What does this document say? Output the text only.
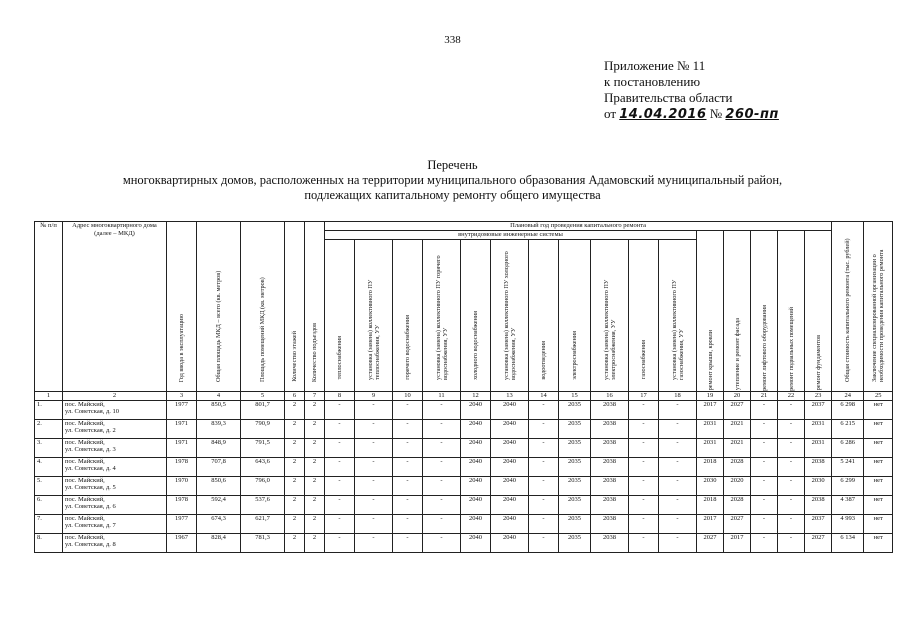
338
Приложение № 11
к постановлению
Правительства области
от 14.04.2016 № 260-пп
Перечень
многоквартирных домов, расположенных на территории муниципального образования Адамовский муниципальный район,
подлежащих капитальному ремонту общего имущества
№ п/п	Адрес многоквартирного дома (далее – МКД)	Год ввода в эксплуатацию	Общая площадь МКД – всего (кв. метров)	Площадь помещений МКД (кв. метров)	Количество этажей	Количество подъездов	Плановый год проведения капитального ремонта																Общая стоимость капитального ремонта (тыс. рублей)	Заключение специализированной организации о необходимости проведения капитального ремонта

							внутридомовые инженерные системы											ремонт крыши, кровли	утепление и ремонт фасада	ремонт лифтового оборудования	ремонт подвальных помещений	ремонт фундаментов		

							теплоснабжения	установка (замена) коллективного ПУ теплоснабжения, УУ	горячего водоснабжения	установка (замена) коллективного ПУ горячего водоснабжения, УУ	холодного водоснабжения	установка (замена) коллективного ПУ холодного водоснабжения, УУ	водоотведения	электроснабжения	установка (замена) коллективного ПУ электроснабжения, УУ	газоснабжения	установка (замена) коллективного ПУ газоснабжения, УУ							

1	2	3	4	5	6	7	8	9	10	11	12	13	14	15	16	17	18	19	20	21	22	23	24	25
1.	пос. Майский,
ул. Советская, д. 10	1977	850,5	801,7	2	2	-	-	-	-	2040	2040	-	2035	2038	-	-	2017	2027	-	-	2037	6 298	нет
2.	пос. Майский,
ул. Советская, д. 2	1971	839,3	790,9	2	2	-	-	-	-	2040	2040	-	2035	2038	-	-	2031	2021	-	-	2031	6 215	нет
3.	пос. Майский,
ул. Советская, д. 3	1971	848,9	791,5	2	2	-	-	-	-	2040	2040	-	2035	2038	-	-	2031	2021	-	-	2031	6 286	нет
4.	пос. Майский,
ул. Советская, д. 4	1978	707,8	643,6	2	2	-	-	-	-	2040	2040	-	2035	2038	-	-	2018	2028	-	-	2038	5 241	нет
5.	пос. Майский,
ул. Советская, д. 5	1970	850,6	796,0	2	2	-	-	-	-	2040	2040	-	2035	2038	-	-	2030	2020	-	-	2030	6 299	нет
6.	пос. Майский,
ул. Советская, д. 6	1978	592,4	537,6	2	2	-	-	-	-	2040	2040	-	2035	2038	-	-	2018	2028	-	-	2038	4 387	нет
7.	пос. Майский,
ул. Советская, д. 7	1977	674,3	621,7	2	2	-	-	-	-	2040	2040	-	2035	2038	-	-	2017	2027	-	-	2037	4 993	нет
8.	пос. Майский,
ул. Советская, д. 8	1967	828,4	781,3	2	2	-	-	-	-	2040	2040	-	2035	2038	-	-	2027	2017	-	-	2027	6 134	нет
